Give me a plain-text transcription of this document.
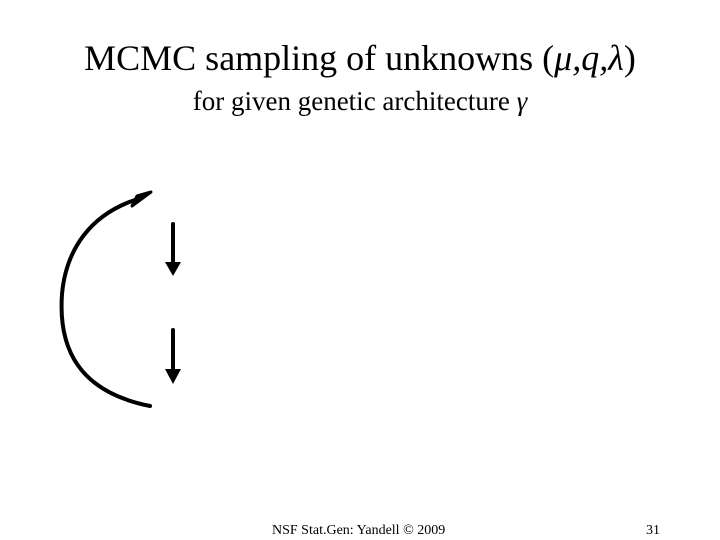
MCMC sampling of unknowns (μ,q,λ)
for given genetic architecture γ
NSF Stat.Gen: Yandell © 2009	31
